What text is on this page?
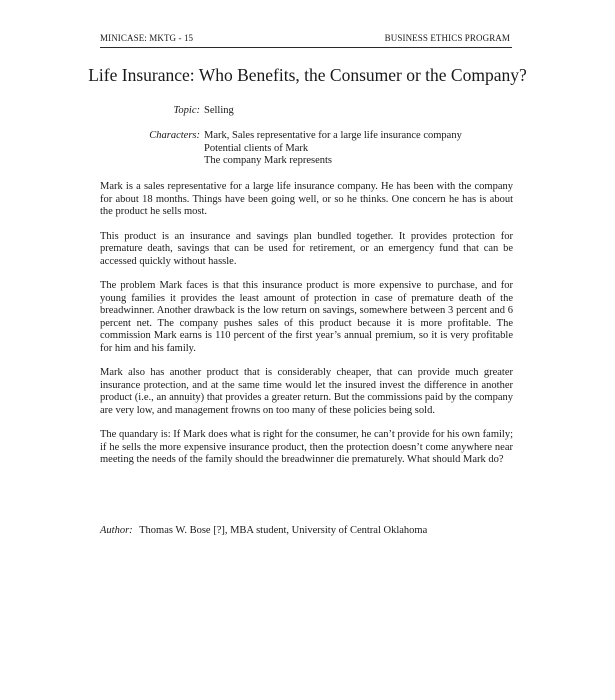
MINICASE: MKTG - 15	BUSINESS ETHICS PROGRAM
Life Insurance: Who Benefits, the Consumer or the Company?
Topic: Selling
Characters: Mark, Sales representative for a large life insurance company
Potential clients of Mark
The company Mark represents

Mark is a sales representative for a large life insurance company. He has been with the company for about 18 months. Things have been going well, or so he thinks. One concern he has is about the product he sells most.

This product is an insurance and savings plan bundled together. It provides protection for premature death, savings that can be used for retirement, or an emergency fund that can be accessed quickly without hassle.

The problem Mark faces is that this insurance product is more expensive to purchase, and for young families it provides the least amount of protection in case of premature death of the breadwinner. Another drawback is the low return on savings, somewhere between 3 percent and 6 percent net. The company pushes sales of this product because it is more profitable. The commission Mark earns is 110 percent of the first year’s annual premium, so it is very profitable for him and his family.

Mark also has another product that is considerably cheaper, that can provide much greater insurance protection, and at the same time would let the insured invest the difference in another product (i.e., an annuity) that provides a greater return. But the commissions paid by the company are very low, and management frowns on too many of these policies being sold.

The quandary is: If Mark does what is right for the consumer, he can’t provide for his own family; if he sells the more expensive insurance product, then the protection doesn’t come anywhere near meeting the needs of the family should the breadwinner die prematurely. What should Mark do?

Author: Thomas W. Bose [?], MBA student, University of Central Oklahoma
